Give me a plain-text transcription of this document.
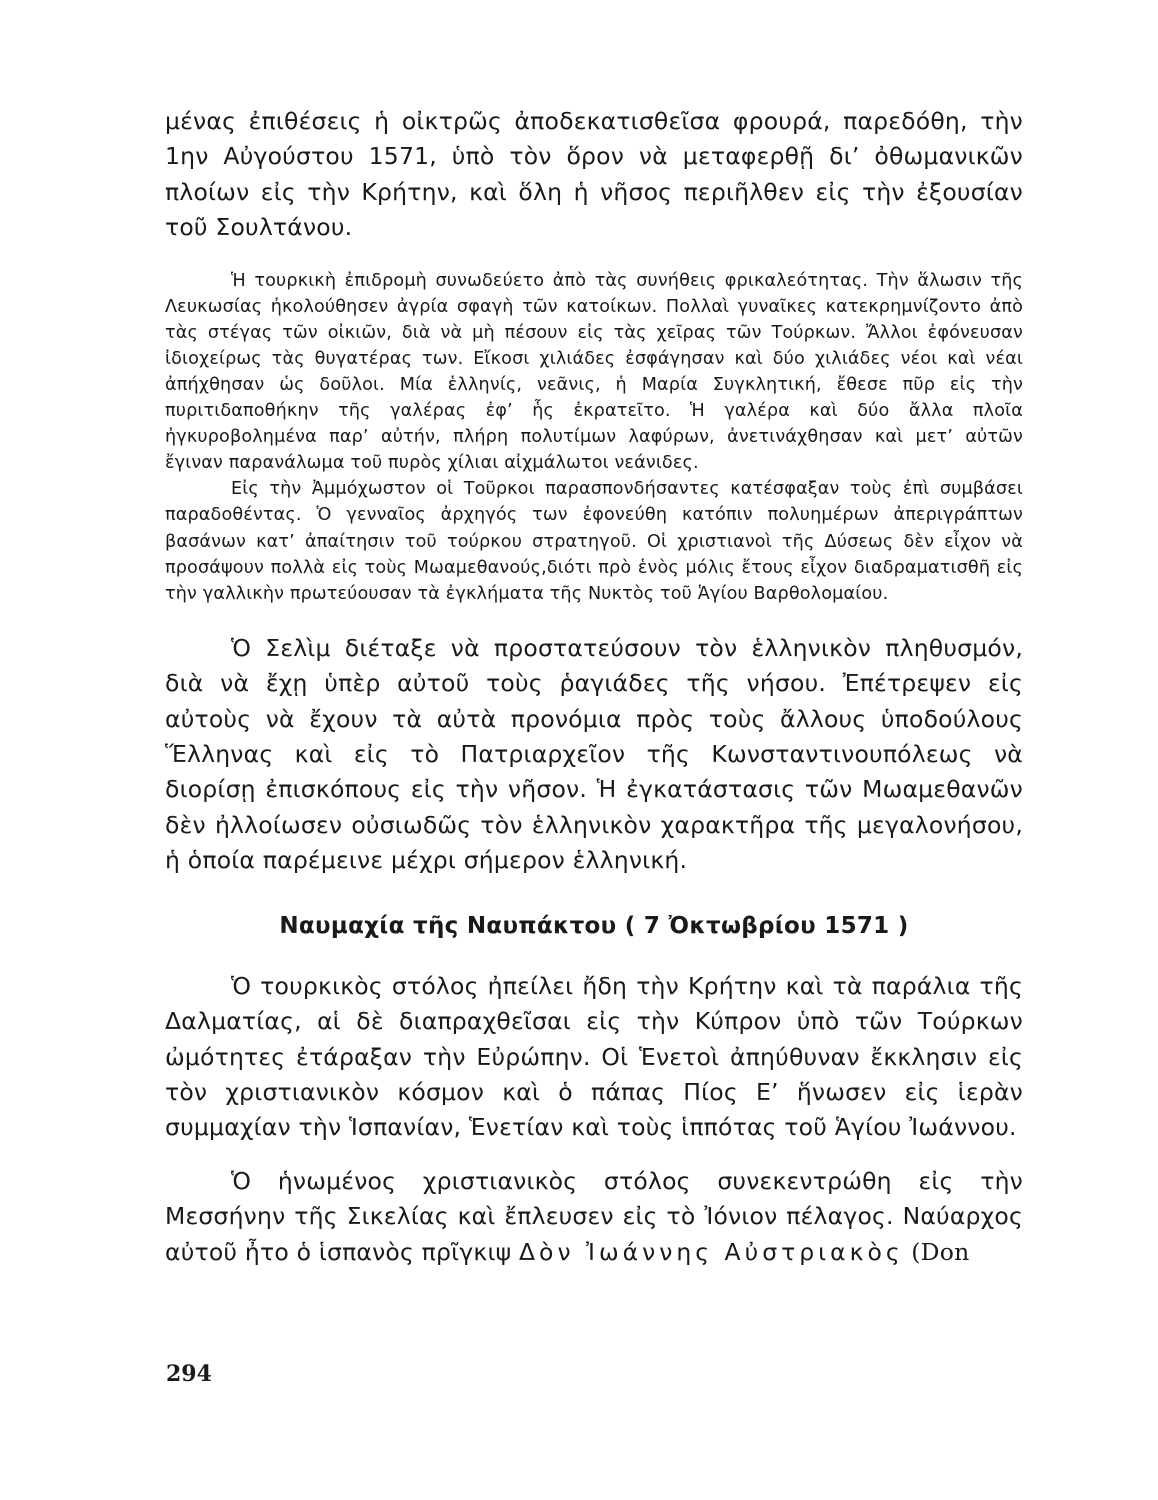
μένας ἐπιθέσεις ἡ οἰκτρῶς ἀποδεκατισθεῖσα φρουρά, παρεδόθη, τὴν 1ην Αὐγούστου 1571, ὑπὸ τὸν ὅρον νὰ μεταφερθῇ δι’ ὀθωμανικῶν πλοίων εἰς τὴν Κρήτην, καὶ ὅλη ἡ νῆσος περιῆλθεν εἰς τὴν ἐξουσίαν τοῦ Σουλτάνου.

Ἡ τουρκικὴ ἐπιδρομὴ συνωδεύετο ἀπὸ τὰς συνήθεις φρικαλεότητας. Τὴν ἅλωσιν τῆς Λευκωσίας ἠκολούθησεν ἀγρία σφαγὴ τῶν κατοίκων. Πολλαὶ γυναῖκες κατεκρημνίζοντο ἀπὸ τὰς στέγας τῶν οἰκιῶν, διὰ νὰ μὴ πέσουν εἰς τὰς χεῖρας τῶν Τούρκων. Ἄλλοι ἐφόνευσαν ἰδιοχείρως τὰς θυγατέρας των. Εἴκοσι χιλιάδες ἐσφάγησαν καὶ δύο χιλιάδες νέοι καὶ νέαι ἀπήχθησαν ὡς δοῦλοι. Μία ἑλληνίς, νεᾶνις, ἡ Μαρία Συγκλητική, ἔθεσε πῦρ εἰς τὴν πυριτιδαποθήκην τῆς γαλέρας ἐφ’ ἧς ἐκρατεῖτο. Ἡ γαλέρα καὶ δύο ἄλλα πλοῖα ἠγκυροβολημένα παρ’ αὐτήν, πλήρη πολυτίμων λαφύρων, ἀνετινάχθησαν καὶ μετ’ αὐτῶν ἔγιναν παρανάλωμα τοῦ πυρὸς χίλιαι αἰχμάλωτοι νεάνιδες.

Εἰς τὴν Ἀμμόχωστον οἱ Τοῦρκοι παρασπονδήσαντες κατέσφαξαν τοὺς ἐπὶ συμβάσει παραδοθέντας. Ὁ γενναῖος ἀρχηγός των ἐφονεύθη κατόπιν πολυημέρων ἀπεριγράπτων βασάνων κατ’ ἀπαίτησιν τοῦ τούρκου στρατηγοῦ. Οἱ χριστιανοὶ τῆς Δύσεως δὲν εἶχον νὰ προσάψουν πολλὰ εἰς τοὺς Μωαμεθανούς,διότι πρὸ ἑνὸς μόλις ἔτους εἶχον διαδραματισθῆ εἰς τὴν γαλλικὴν πρωτεύουσαν τὰ ἐγκλήματα τῆς Νυκτὸς τοῦ Ἁγίου Βαρθολομαίου.

Ὁ Σελὶμ διέταξε νὰ προστατεύσουν τὸν ἑλληνικὸν πληθυσμόν, διὰ νὰ ἔχῃ ὑπὲρ αὐτοῦ τοὺς ῥαγιάδες τῆς νήσου. Ἐπέτρεψεν εἰς αὐτοὺς νὰ ἔχουν τὰ αὐτὰ προνόμια πρὸς τοὺς ἄλλους ὑποδούλους Ἕλληνας καὶ εἰς τὸ Πατριαρχεῖον τῆς Κωνσταντινουπόλεως νὰ διορίσῃ ἐπισκόπους εἰς τὴν νῆσον. Ἡ ἐγκατάστασις τῶν Μωαμεθανῶν δὲν ἠλλοίωσεν οὐσιωδῶς τὸν ἑλληνικὸν χαρακτῆρα τῆς μεγαλονήσου, ἡ ὁποία παρέμεινε μέχρι σήμερον ἑλληνική.

Ναυμαχία τῆς Ναυπάκτου ( 7 Ὀκτωβρίου 1571 )

Ὁ τουρκικὸς στόλος ἠπείλει ἤδη τὴν Κρήτην καὶ τὰ παράλια τῆς Δαλματίας, αἱ δὲ διαπραχθεῖσαι εἰς τὴν Κύπρον ὑπὸ τῶν Τούρκων ὠμότητες ἐτάραξαν τὴν Εὐρώπην. Οἱ Ἑνετοὶ ἀπηύθυναν ἔκκλησιν εἰς τὸν χριστιανικὸν κόσμον καὶ ὁ πάπας Πίος Ε’ ἥνωσεν εἰς ἱερὰν συμμαχίαν τὴν Ἱσπανίαν, Ἑνετίαν καὶ τοὺς ἱππότας τοῦ Ἁγίου Ἰωάννου.

Ὁ ἡνωμένος χριστιανικὸς στόλος συνεκεντρώθη εἰς τὴν Μεσσήνην τῆς Σικελίας καὶ ἔπλευσεν εἰς τὸ Ἰόνιον πέλαγος. Ναύαρχος αὐτοῦ ἦτο ὁ ἱσπανὸς πρῖγκιψ Δὸν Ἰωάννης Αὐστριακὸς (Don

294
